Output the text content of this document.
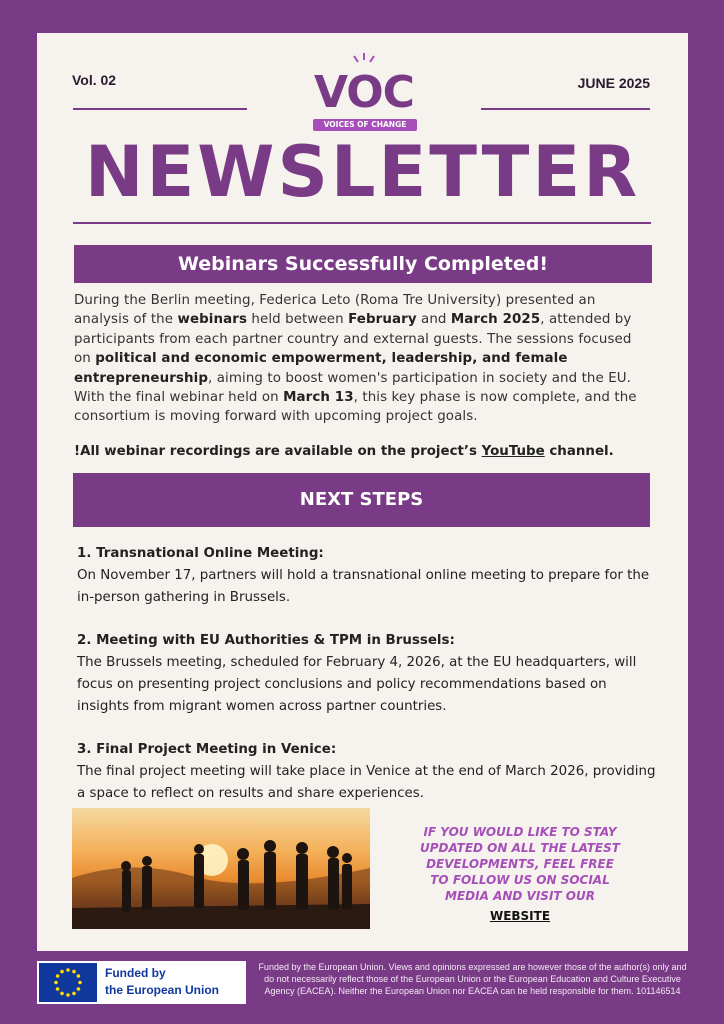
Vol. 02	JUNE 2025
VOC
VOICES OF CHANGE
NEWSLETTER
Webinars Successfully Completed!
During the Berlin meeting, Federica Leto (Roma Tre University) presented an analysis of the webinars held between February and March 2025, attended by participants from each partner country and external guests. The sessions focused on political and economic empowerment, leadership, and female entrepreneurship, aiming to boost women's participation in society and the EU. With the final webinar held on March 13, this key phase is now complete, and the consortium is moving forward with upcoming project goals.
!All webinar recordings are available on the project’s YouTube channel.
NEXT STEPS
1. Transnational Online Meeting:
On November 17, partners will hold a transnational online meeting to prepare for the in-person gathering in Brussels.
2. Meeting with EU Authorities & TPM in Brussels:
The Brussels meeting, scheduled for February 4, 2026, at the EU headquarters, will focus on presenting project conclusions and policy recommendations based on insights from migrant women across partner countries.
3. Final Project Meeting in Venice:
The final project meeting will take place in Venice at the end of March 2026, providing a space to reflect on results and share experiences.
IF YOU WOULD LIKE TO STAY UPDATED ON ALL THE LATEST DEVELOPMENTS, FEEL FREE TO FOLLOW US ON SOCIAL MEDIA AND VISIT OUR
WEBSITE
Funded by
the European Union
Funded by the European Union. Views and opinions expressed are however those of the author(s) only and do not necessarily reflect those of the European Union or the European Education and Culture Executive Agency (EACEA). Neither the European Union nor EACEA can be held responsible for them. 101146514
